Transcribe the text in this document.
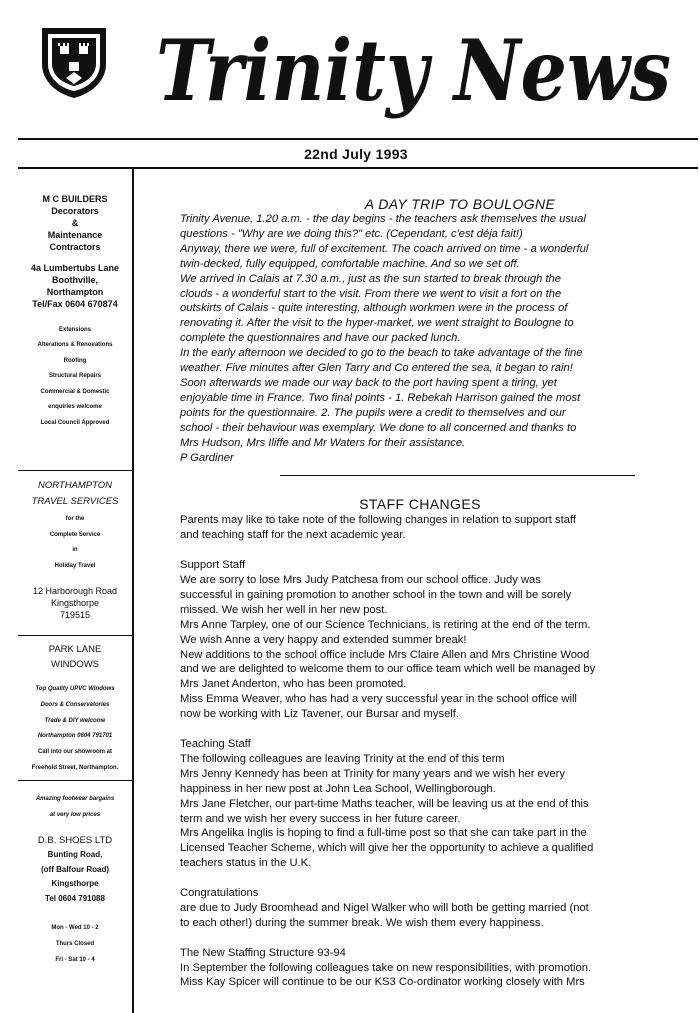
Trinity News
22nd July 1993
M C BUILDERS
Decorators
&
Maintenance
Contractors
4a Lumbertubs Lane
Boothville,
Northampton
Tel/Fax 0604 670874
Extensions
Alterations & Renovations
Roofing
Structural Repairs
Commercial & Domestic
enquiries welcome
Local Council Approved
NORTHAMPTON
TRAVEL SERVICES
for the
Complete Service
in
Holiday Travel
12 Harborough Road
Kingsthorpe
719515
PARK LANE
WINDOWS
Top Quality UPVC Windows
Doors & Conservatories
Trade & DIY welcome
Northampton 0604 791701
Call into our showroom at
Freehold Street, Northampton.
Amazing footwear bargains
at very low prices
D.B. SHOES LTD
Bunting Road,
(off Balfour Road)
Kingsthorpe
Tel 0604 791088
Mon - Wed 10 - 2
Thurs Closed
Fri - Sat 10 - 4
A DAY TRIP TO BOULOGNE

Trinity Avenue, 1.20 a.m. - the day begins - the teachers ask themselves the usual

questions - "Why are we doing this?" etc. (Cependant, c'est déja fait!)

Anyway, there we were, full of excitement. The coach arrived on time - a wonderful

twin-decked, fully equipped, comfortable machine. And so we set off.

We arrived in Calais at 7.30 a.m., just as the sun started to break through the

clouds - a wonderful start to the visit. From there we went to visit a fort on the

outskirts of Calais - quite interesting, although workmen were in the process of

renovating it. After the visit to the hyper-market, we went straight to Boulogne to

complete the questionnaires and have our packed lunch.

In the early afternoon we decided to go to the beach to take advantage of the fine

weather. Five minutes after Glen Tarry and Co entered the sea, it began to rain!

Soon afterwards we made our way back to the port having spent a tiring, yet

enjoyable time in France. Two final points - 1. Rebekah Harrison gained the most

points for the questionnaire. 2. The pupils were a credit to themselves and our

school - their behaviour was exemplary. We done to all concerned and thanks to

Mrs Hudson, Mrs Iliffe and Mr Waters for their assistance.

P Gardiner

STAFF CHANGES

Parents may like to take note of the following changes in relation to support staff

and teaching staff for the next academic year.

Support Staff

We are sorry to lose Mrs Judy Patchesa from our school office. Judy was

successful in gaining promotion to another school in the town and will be sorely

missed. We wish her well in her new post.

Mrs Anne Tarpley, one of our Science Technicians, is retiring at the end of the term.

We wish Anne a very happy and extended summer break!

New additions to the school office include Mrs Claire Allen and Mrs Christine Wood

and we are delighted to welcome them to our office team which well be managed by

Mrs Janet Anderton, who has been promoted.

Miss Emma Weaver, who has had a very successful year in the school office will

now be working with Liz Tavener, our Bursar and myself.

Teaching Staff

The following colleagues are leaving Trinity at the end of this term

Mrs Jenny Kennedy has been at Trinity for many years and we wish her every

happiness in her new post at John Lea School, Wellingborough.

Mrs Jane Fletcher, our part-time Maths teacher, will be leaving us at the end of this

term and we wish her every success in her future career.

Mrs Angelika Inglis is hoping to find a full-time post so that she can take part in the

Licensed Teacher Scheme, which will give her the opportunity to achieve a qualified

teachers status in the U.K.

Congratulations

are due to Judy Broomhead and Nigel Walker who will both be getting married (not

to each other!) during the summer break. We wish them every happiness.

The New Staffing Structure 93-94

In September the following colleagues take on new responsibilities, with promotion.

Miss Kay Spicer will continue to be our KS3 Co-ordinator working closely with Mrs
